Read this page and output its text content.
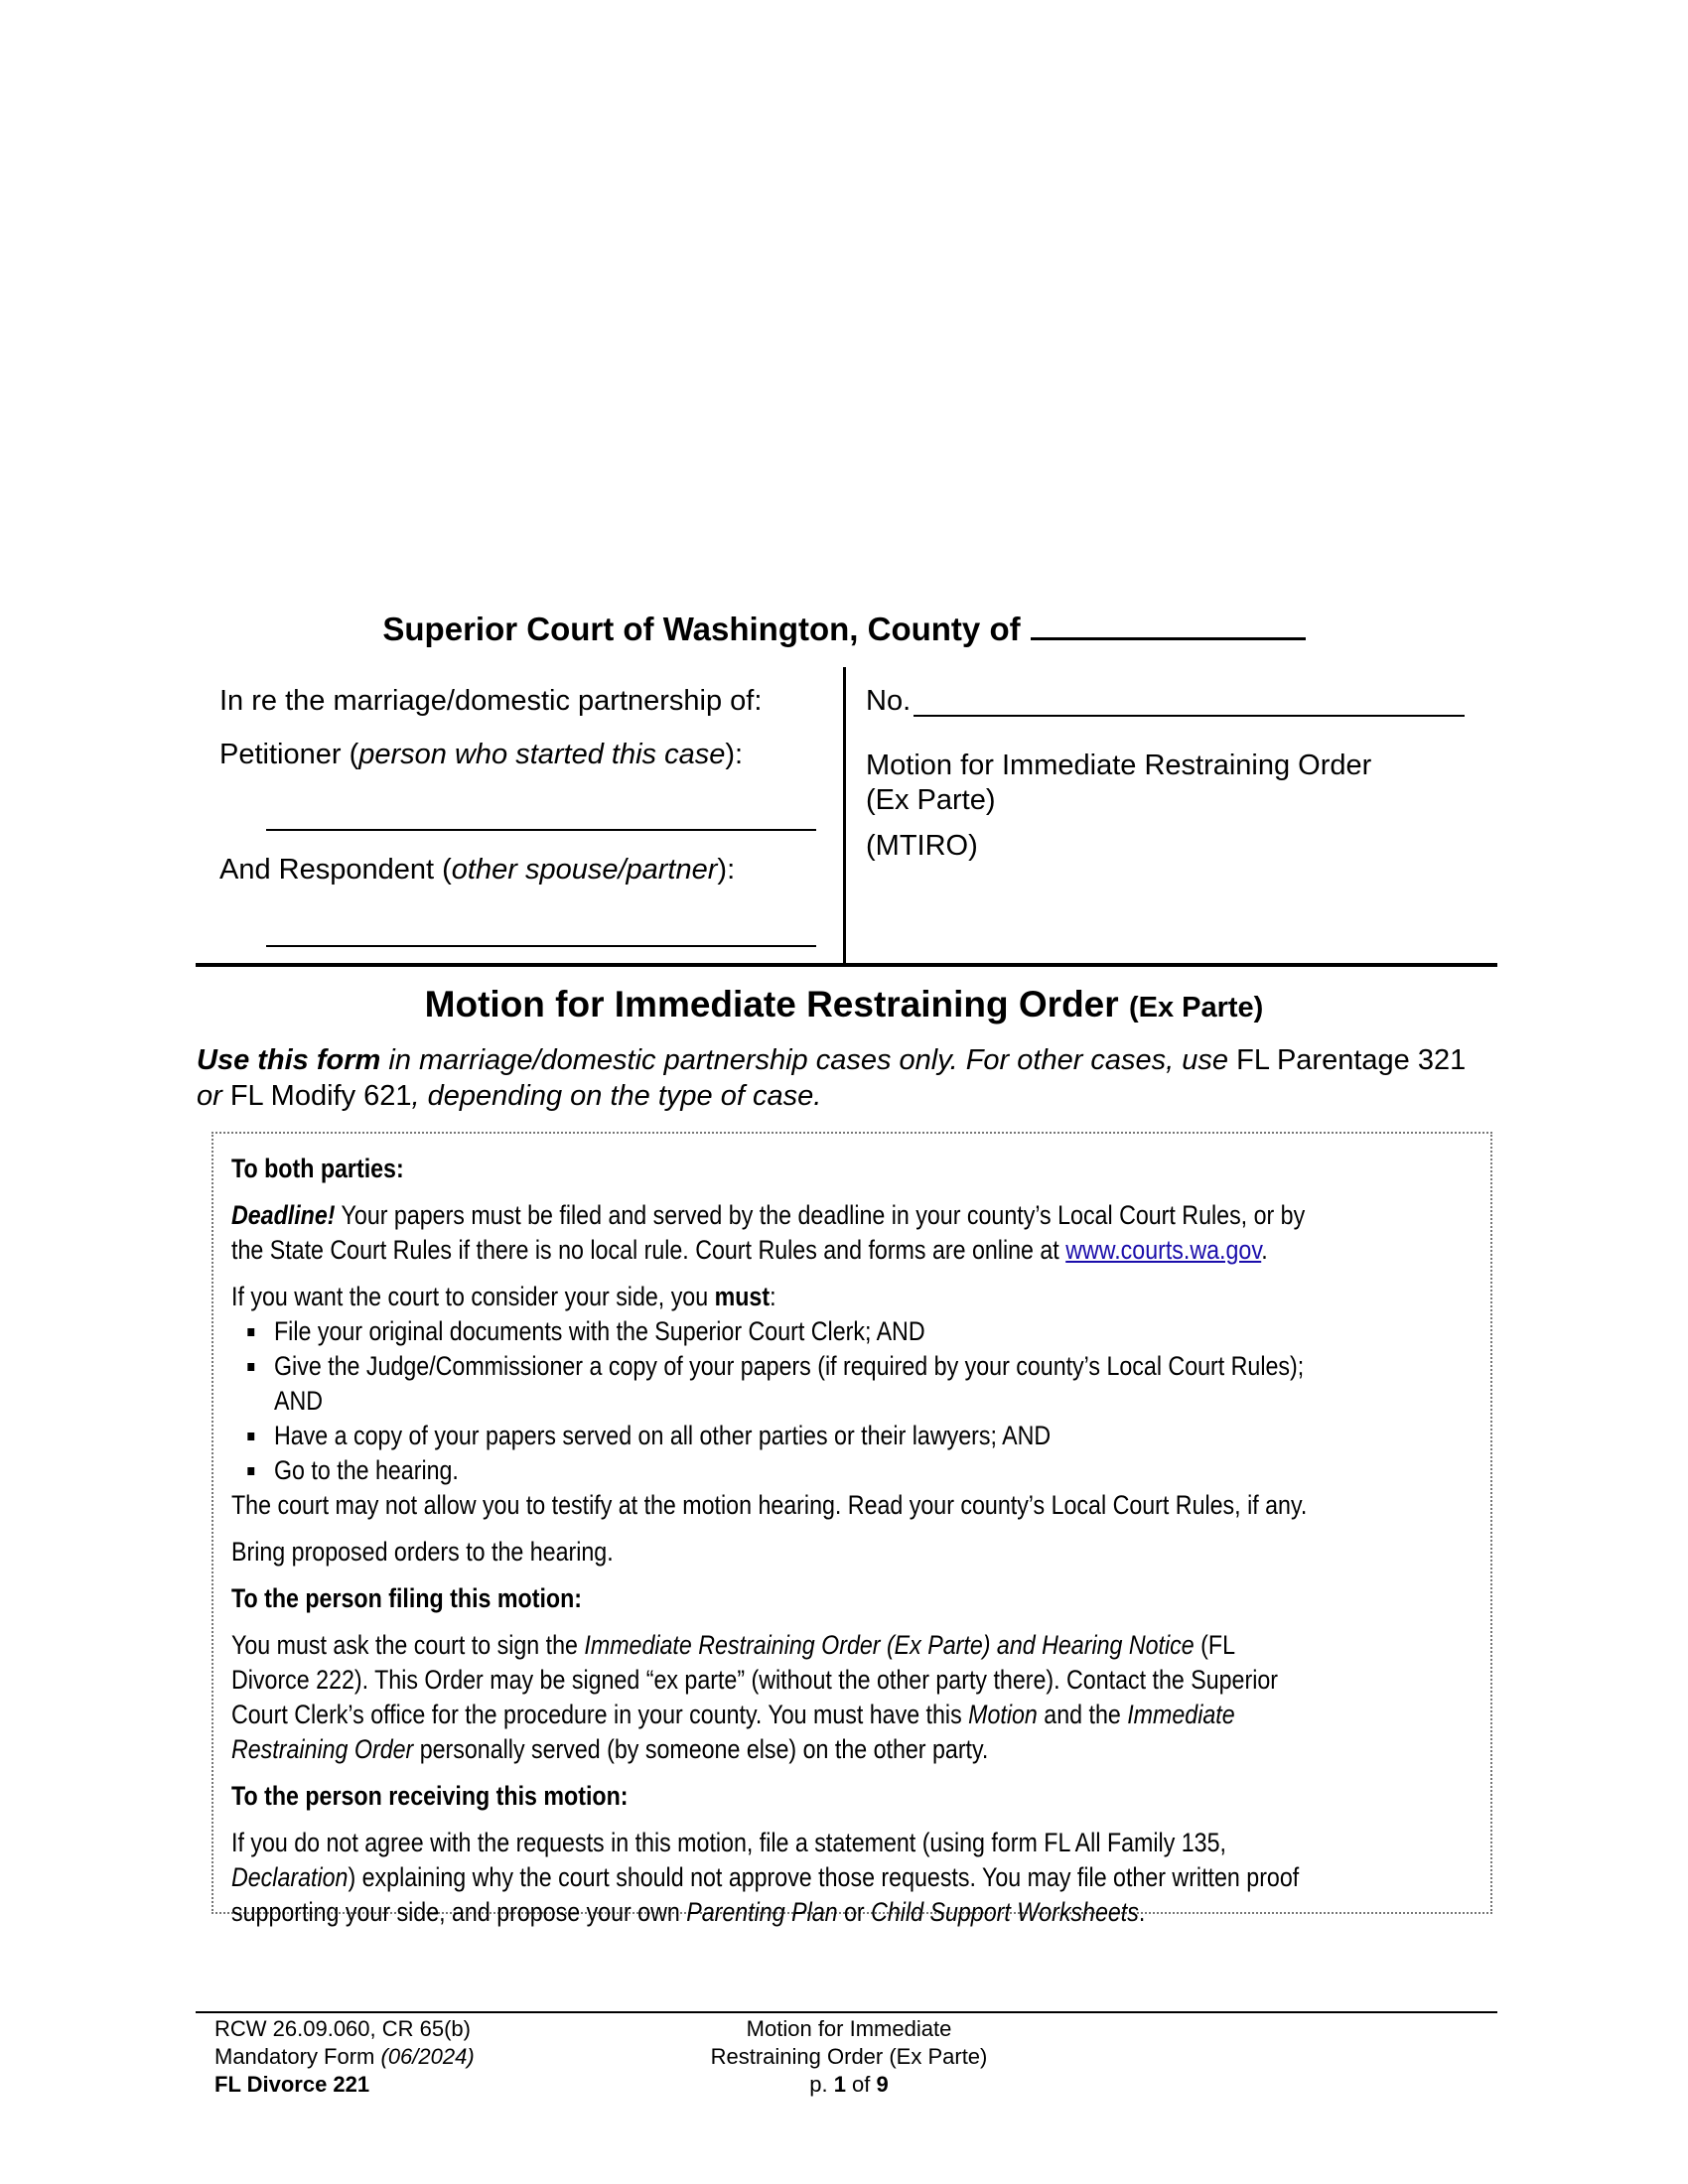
Superior Court of Washington, County of
In re the marriage/domestic partnership of:
Petitioner (person who started this case):
And Respondent (other spouse/partner):
No.
Motion for Immediate Restraining Order
(Ex Parte)
(MTIRO)
Motion for Immediate Restraining Order (Ex Parte)
Use this form in marriage/domestic partnership cases only. For other cases, use FL Parentage 321 or FL Modify 621, depending on the type of case.

To both parties:

Deadline! Your papers must be filed and served by the deadline in your county’s Local Court Rules, or by the State Court Rules if there is no local rule. Court Rules and forms are online at www.courts.wa.gov.

If you want the court to consider your side, you must:

File your original documents with the Superior Court Clerk; AND
Give the Judge/Commissioner a copy of your papers (if required by your county’s Local Court Rules); AND
Have a copy of your papers served on all other parties or their lawyers; AND
Go to the hearing.

The court may not allow you to testify at the motion hearing. Read your county’s Local Court Rules, if any.

Bring proposed orders to the hearing.

To the person filing this motion:

You must ask the court to sign the Immediate Restraining Order (Ex Parte) and Hearing Notice (FL Divorce 222). This Order may be signed “ex parte” (without the other party there). Contact the Superior Court Clerk’s office for the procedure in your county. You must have this Motion and the Immediate Restraining Order personally served (by someone else) on the other party.

To the person receiving this motion:

If you do not agree with the requests in this motion, file a statement (using form FL All Family 135, Declaration) explaining why the court should not approve those requests. You may file other written proof supporting your side, and propose your own Parenting Plan or Child Support Worksheets.

RCW 26.09.060, CR 65(b)
Mandatory Form (06/2024)
FL Divorce 221
Motion for Immediate
Restraining Order (Ex Parte)
p. 1 of 9
